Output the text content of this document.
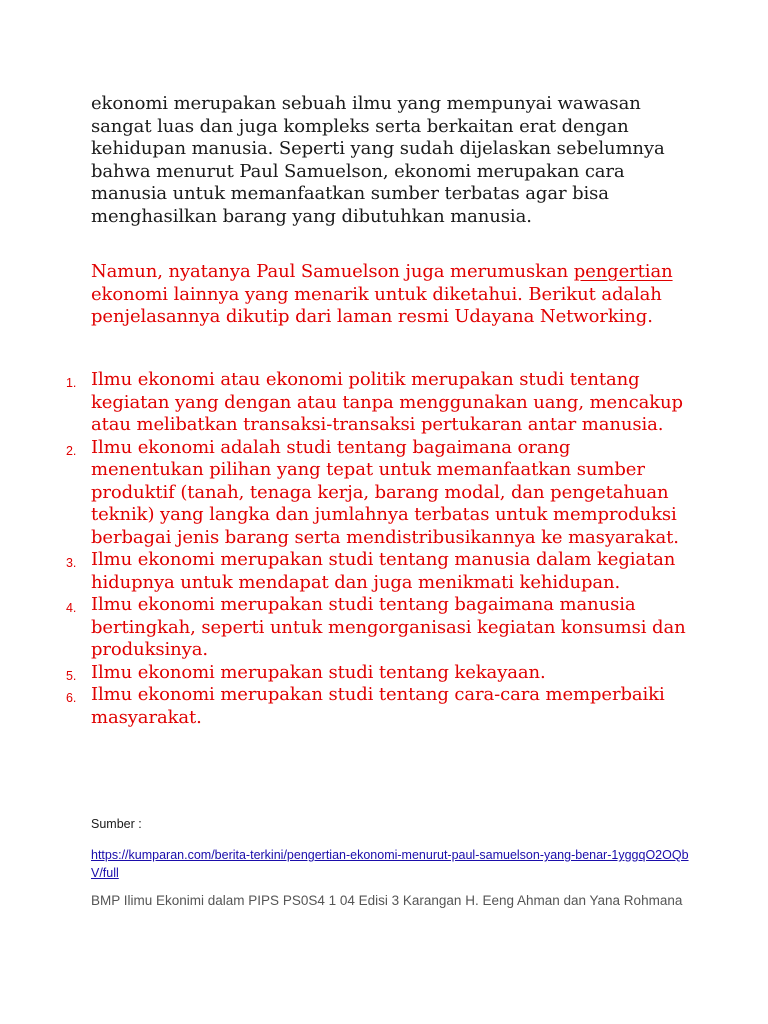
ekonomi merupakan sebuah ilmu yang mempunyai wawasan sangat luas dan juga kompleks serta berkaitan erat dengan kehidupan manusia. Seperti yang sudah dijelaskan sebelumnya bahwa menurut Paul Samuelson, ekonomi merupakan cara manusia untuk memanfaatkan sumber terbatas agar bisa menghasilkan barang yang dibutuhkan manusia.

Namun, nyatanya Paul Samuelson juga merumuskan pengertian ekonomi lainnya yang menarik untuk diketahui. Berikut adalah penjelasannya dikutip dari laman resmi Udayana Networking.

1. Ilmu ekonomi atau ekonomi politik merupakan studi tentang kegiatan yang dengan atau tanpa menggunakan uang, mencakup atau melibatkan transaksi-transaksi pertukaran antar manusia.
2. Ilmu ekonomi adalah studi tentang bagaimana orang menentukan pilihan yang tepat untuk memanfaatkan sumber produktif (tanah, tenaga kerja, barang modal, dan pengetahuan teknik) yang langka dan jumlahnya terbatas untuk memproduksi berbagai jenis barang serta mendistribusikannya ke masyarakat.
3. Ilmu ekonomi merupakan studi tentang manusia dalam kegiatan hidupnya untuk mendapat dan juga menikmati kehidupan.
4. Ilmu ekonomi merupakan studi tentang bagaimana manusia bertingkah, seperti untuk mengorganisasi kegiatan konsumsi dan produksinya.
5. Ilmu ekonomi merupakan studi tentang kekayaan.
6. Ilmu ekonomi merupakan studi tentang cara-cara memperbaiki masyarakat.

Sumber :

https://kumparan.com/berita-terkini/pengertian-ekonomi-menurut-paul-samuelson-yang-benar-1yggqO2OQbV/full

BMP Ilimu Ekonimi dalam PIPS PS0S4 1 04 Edisi 3 Karangan H. Eeng Ahman dan Yana Rohmana
